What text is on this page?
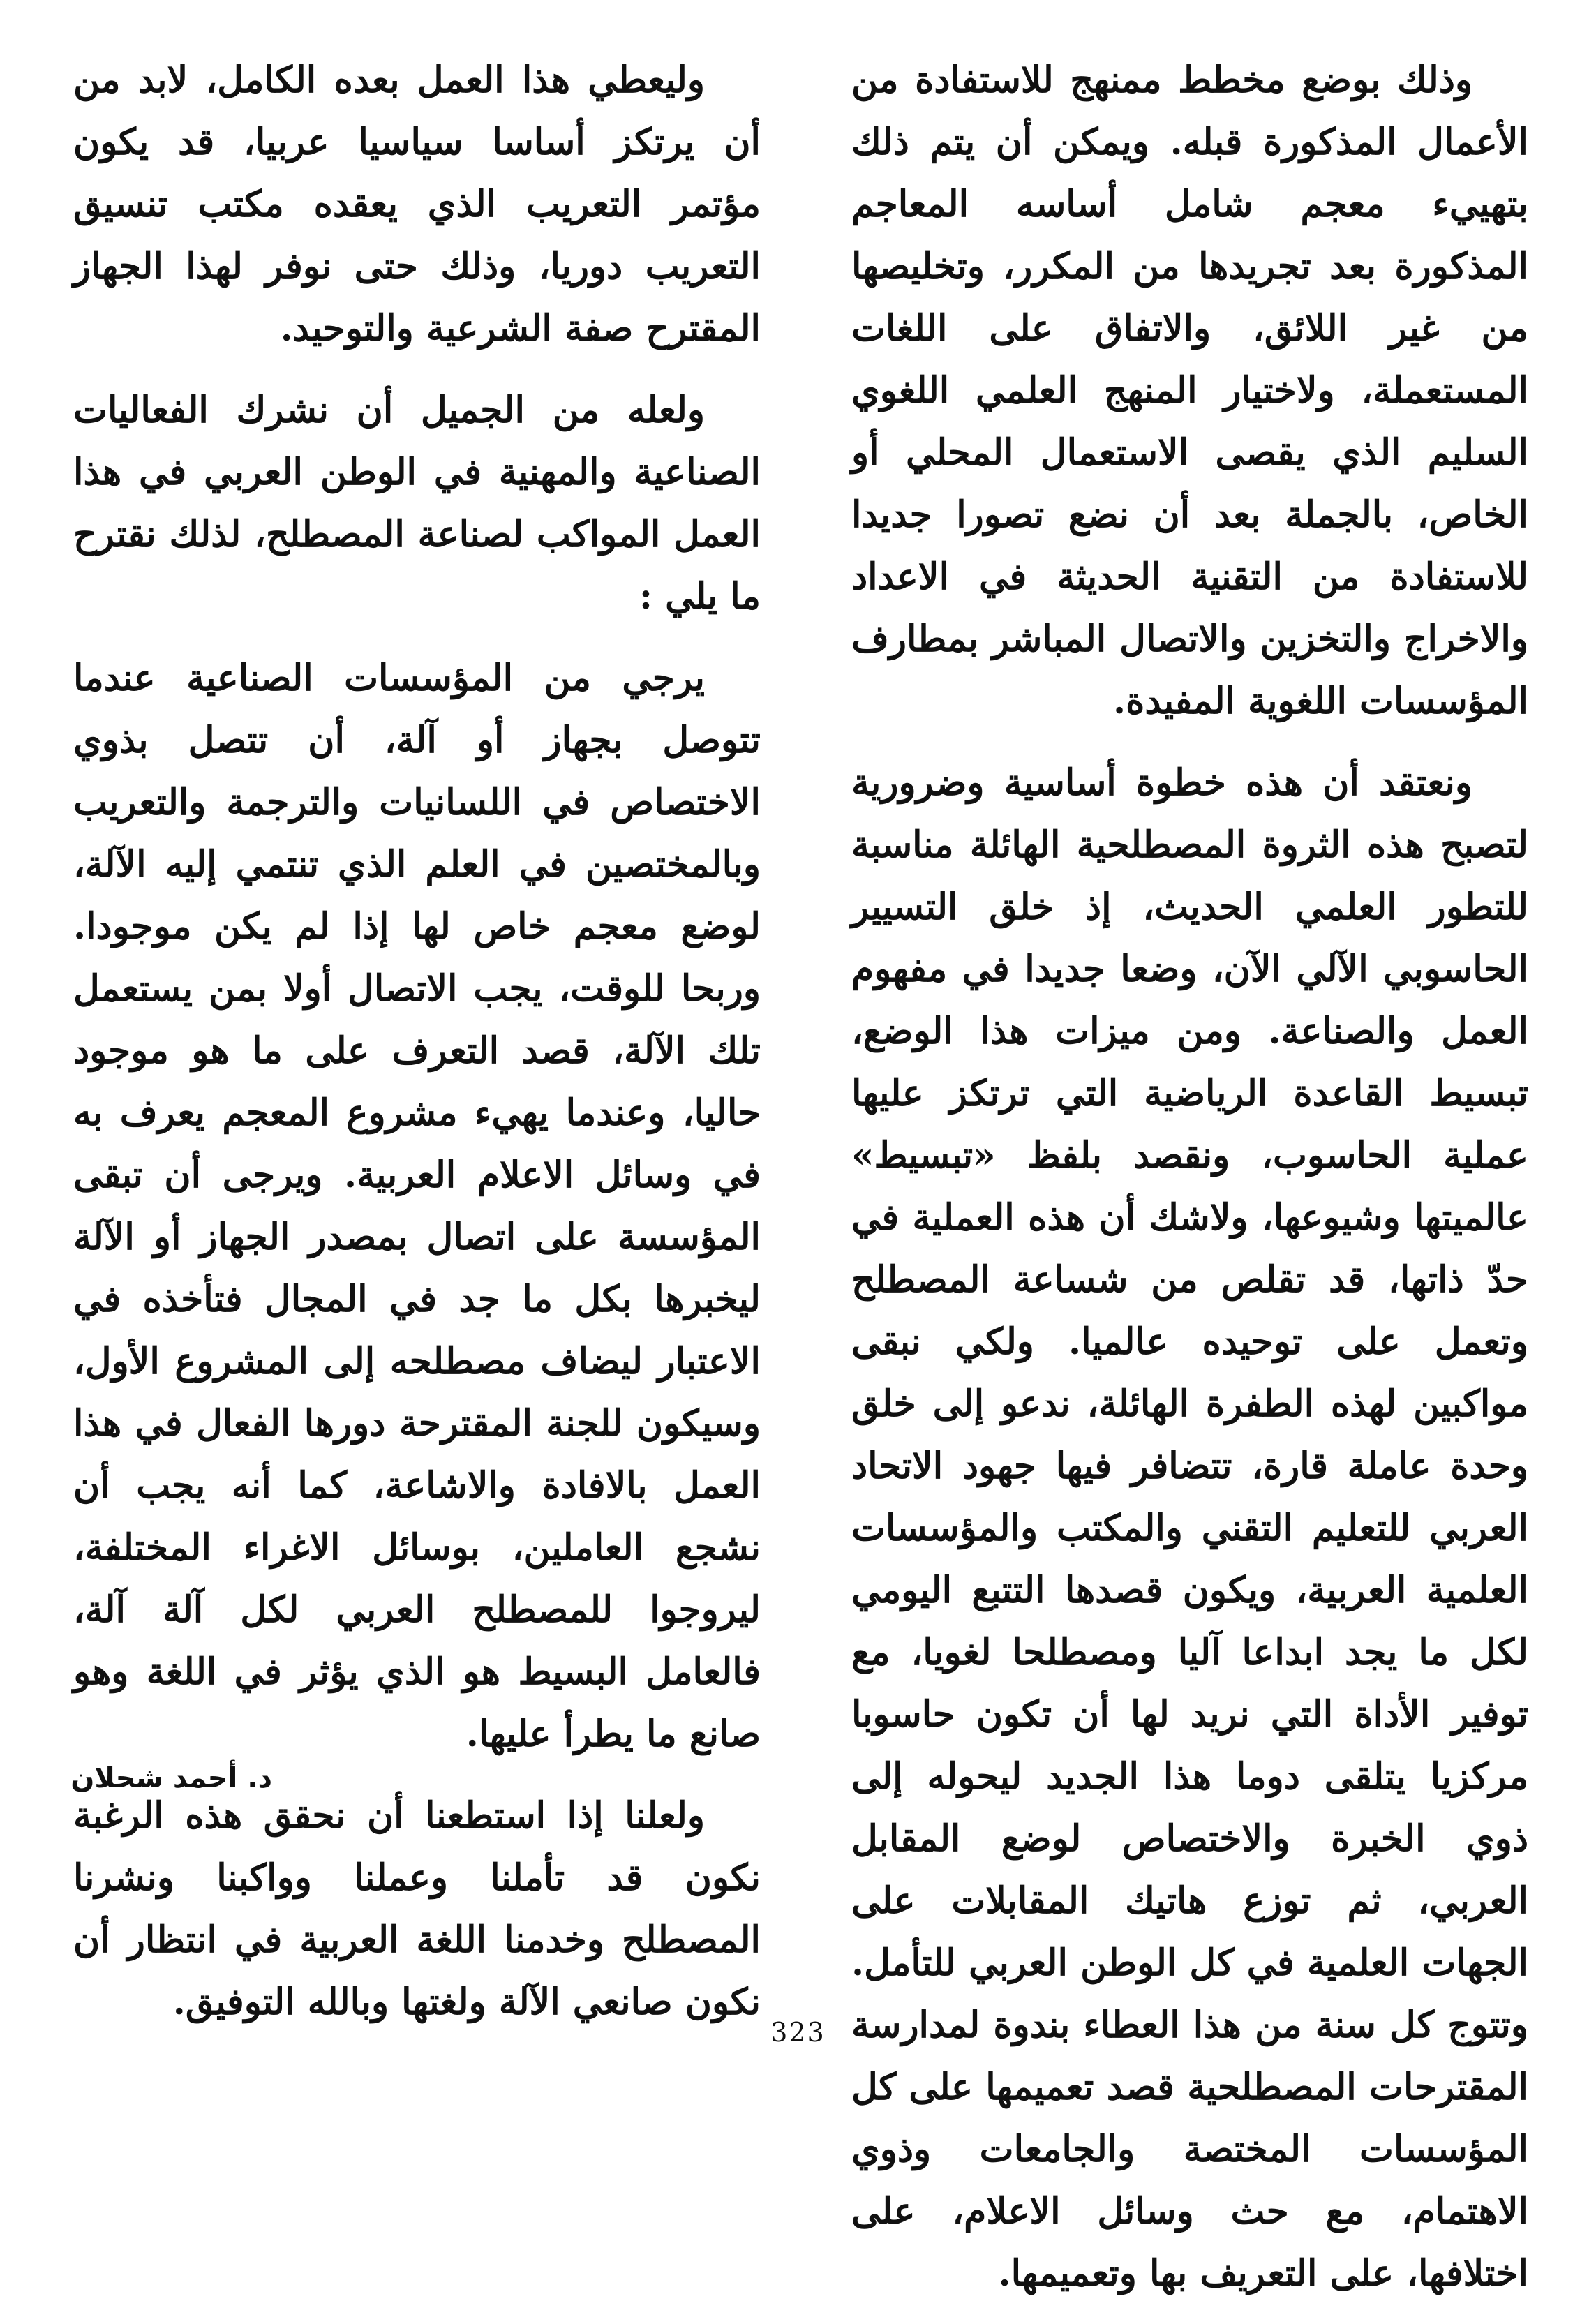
وذلك بوضع مخطط ممنهج للاستفادة من الأعمال المذكورة قبله. ويمكن أن يتم ذلك بتهييء معجم شامل أساسه المعاجم المذكورة بعد تجريدها من المكرر، وتخليصها من غير اللائق، والاتفاق على اللغات المستعملة، ولاختيار المنهج العلمي اللغوي السليم الذي يقصى الاستعمال المحلي أو الخاص، بالجملة بعد أن نضع تصورا جديدا للاستفادة من التقنية الحديثة في الاعداد والاخراج والتخزين والاتصال المباشر بمطارف المؤسسات اللغوية المفيدة.

ونعتقد أن هذه خطوة أساسية وضرورية لتصبح هذه الثروة المصطلحية الهائلة مناسبة للتطور العلمي الحديث، إذ خلق التسيير الحاسوبي الآلي الآن، وضعا جديدا في مفهوم العمل والصناعة. ومن ميزات هذا الوضع، تبسيط القاعدة الرياضية التي ترتكز عليها عملية الحاسوب، ونقصد بلفظ «تبسيط» عالميتها وشيوعها، ولاشك أن هذه العملية في حدّ ذاتها، قد تقلص من شساعة المصطلح وتعمل على توحيده عالميا. ولكي نبقى مواكبين لهذه الطفرة الهائلة، ندعو إلى خلق وحدة عاملة قارة، تتضافر فيها جهود الاتحاد العربي للتعليم التقني والمكتب والمؤسسات العلمية العربية، ويكون قصدها التتبع اليومي لكل ما يجد ابداعا آليا ومصطلحا لغويا، مع توفير الأداة التي نريد لها أن تكون حاسوبا مركزيا يتلقى دوما هذا الجديد ليحوله إلى ذوي الخبرة والاختصاص لوضع المقابل العربي، ثم توزع هاتيك المقابلات على الجهات العلمية في كل الوطن العربي للتأمل. وتتوج كل سنة من هذا العطاء بندوة لمدارسة المقترحات المصطلحية قصد تعميمها على كل المؤسسات المختصة والجامعات وذوي الاهتمام، مع حث وسائل الاعلام، على اختلافها، على التعريف بها وتعميمها.

وليعطي هذا العمل بعده الكامل، لابد من أن يرتكز أساسا سياسيا عربيا، قد يكون مؤتمر التعريب الذي يعقده مكتب تنسيق التعريب دوريا، وذلك حتى نوفر لهذا الجهاز المقترح صفة الشرعية والتوحيد.

ولعله من الجميل أن نشرك الفعاليات الصناعية والمهنية في الوطن العربي في هذا العمل المواكب لصناعة المصطلح، لذلك نقترح ما يلي :

يرجي من المؤسسات الصناعية عندما تتوصل بجهاز أو آلة، أن تتصل بذوي الاختصاص في اللسانيات والترجمة والتعريب وبالمختصين في العلم الذي تنتمي إليه الآلة، لوضع معجم خاص لها إذا لم يكن موجودا. وربحا للوقت، يجب الاتصال أولا بمن يستعمل تلك الآلة، قصد التعرف على ما هو موجود حاليا، وعندما يهيء مشروع المعجم يعرف به في وسائل الاعلام العربية. ويرجى أن تبقى المؤسسة على اتصال بمصدر الجهاز أو الآلة ليخبرها بكل ما جد في المجال فتأخذه في الاعتبار ليضاف مصطلحه إلى المشروع الأول، وسيكون للجنة المقترحة دورها الفعال في هذا العمل بالافادة والاشاعة، كما أنه يجب أن نشجع العاملين، بوسائل الاغراء المختلفة، ليروجوا للمصطلح العربي لكل آلة آلة، فالعامل البسيط هو الذي يؤثر في اللغة وهو صانع ما يطرأ عليها.

ولعلنا إذا استطعنا أن نحقق هذه الرغبة نكون قد تأملنا وعملنا وواكبنا ونشرنا المصطلح وخدمنا اللغة العربية في انتظار أن نكون صانعي الآلة ولغتها وبالله التوفيق.

د. أحمد شحلان
323
